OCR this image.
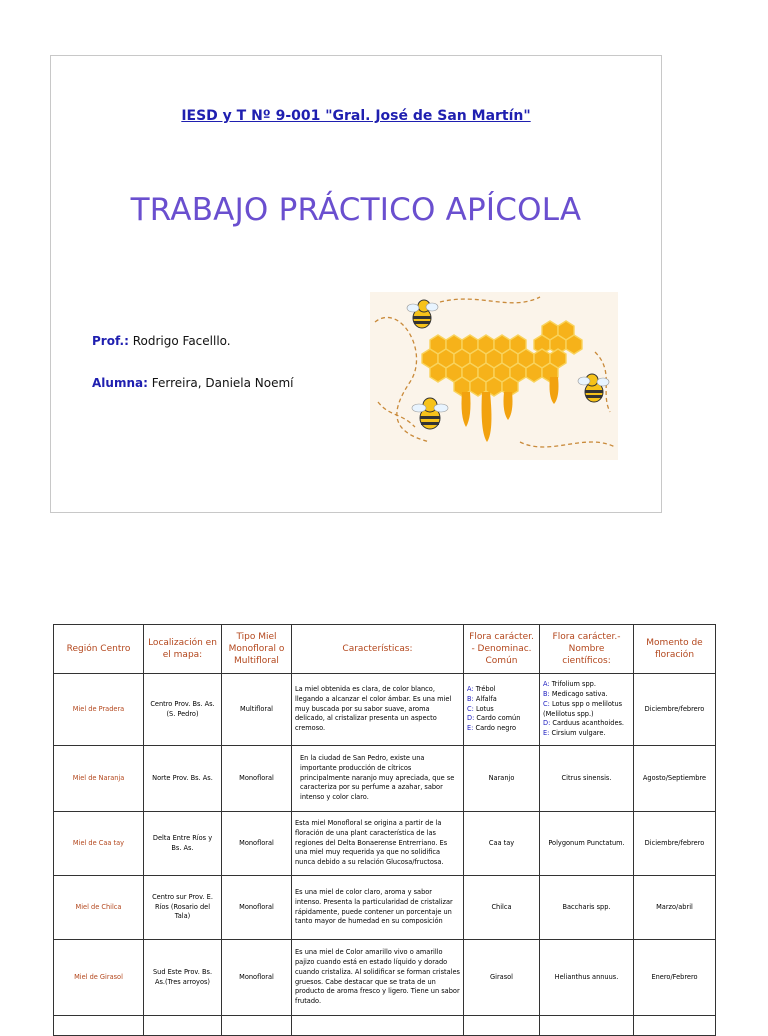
IESD y T Nº 9-001 "Gral. José de San Martín"
TRABAJO PRÁCTICO APÍCOLA
Prof.: Rodrigo Facelllo.
Alumna: Ferreira, Daniela Noemí
Región Centro	Localización en el mapa:	Tipo Miel Monofloral o Multifloral	Características:	Flora carácter. - Denominac. Común	Flora carácter.- Nombre científicos:	Momento de floración
Miel de Pradera	Centro Prov. Bs. As. (S. Pedro)	Multifloral	La miel obtenida es clara, de color blanco, llegando a alcanzar el color ámbar. Es una miel muy buscada por su sabor suave, aroma delicado, al cristalizar presenta un aspecto cremoso.	A: Trébol
B: Alfalfa
C: Lotus
D: Cardo común
E: Cardo negro	A: Trifolium spp.
B: Medicago sativa.
C: Lotus spp o melilotus (Melilotus spp.)
D: Carduus acanthoides.
E: Cirsium vulgare.	Diciembre/febrero
Miel de Naranja	Norte Prov. Bs. As.	Monofloral	En la ciudad de San Pedro, existe una importante producción de cítricos principalmente naranjo muy apreciada, que se caracteriza por su perfume a azahar, sabor intenso y color claro.	Naranjo	Citrus sinensis.	Agosto/Septiembre
Miel de Caa tay	Delta Entre Ríos y Bs. As.	Monofloral	Esta miel Monofloral se origina a partir de la floración de una plant característica de las regiones del Delta Bonaerense Entrerriano. Es una miel muy requerida ya que no solidifica nunca debido a su relación Glucosa/fructosa.	Caa tay	Polygonum Punctatum.	Diciembre/febrero
Miel de Chilca	Centro sur Prov. E. Ríos (Rosario del Tala)	Monofloral	Es una miel de color claro, aroma y sabor intenso. Presenta la particularidad de cristalizar rápidamente, puede contener un porcentaje un tanto mayor de humedad en su composición	Chilca	Baccharis spp.	Marzo/abril
Miel de Girasol	Sud Este Prov. Bs. As.(Tres arroyos)	Monofloral	Es una miel de Color amarillo vivo o amarillo pajizo cuando está en estado líquido y dorado cuando cristaliza. Al solidificar se forman cristales gruesos. Cabe destacar que se trata de un producto de aroma fresco y ligero. Tiene un sabor frutado.	Girasol	Helianthus annuus.	Enero/Febrero
